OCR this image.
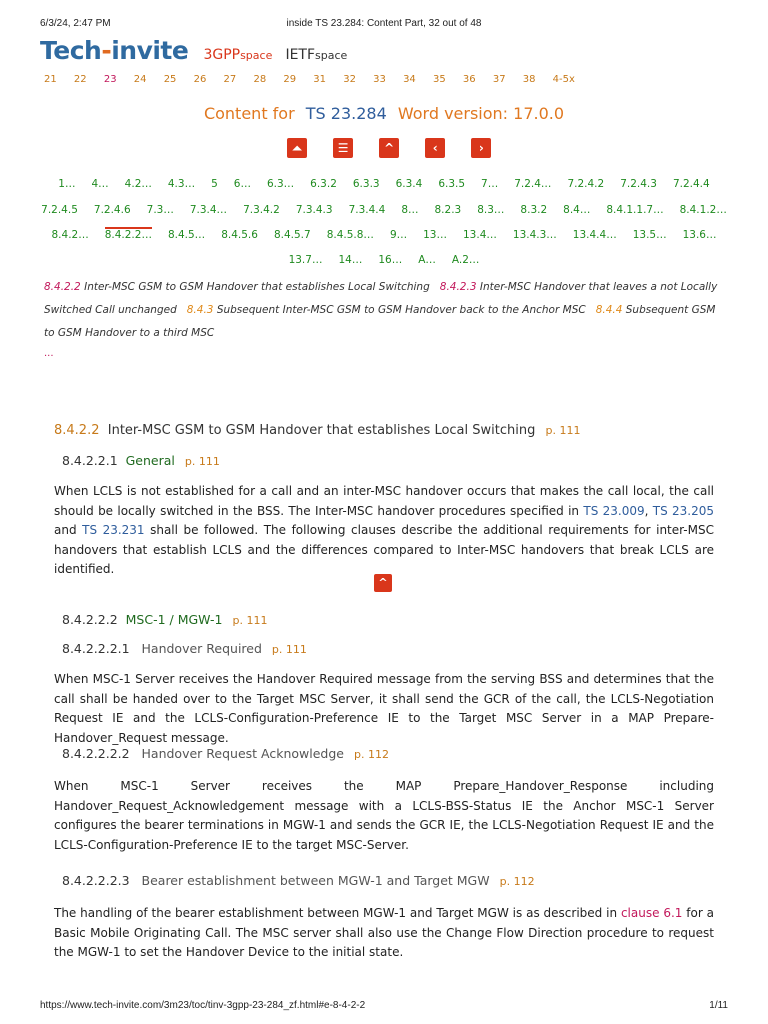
6/3/24, 2:47 PM	inside TS 23.284: Content Part, 32 out of 48
Tech-invite 3GPPspace IETFspace
21 22 23 24 25 26 27 28 29 31 32 33 34 35 36 37 38 4-5x
Content for TS 23.284 Word version: 17.0.0
⏶	☰	^	‹	›
1… 4… 4.2… 4.3… 5 6… 6.3… 6.3.2 6.3.3 6.3.4 6.3.5 7… 7.2.4… 7.2.4.2 7.2.4.3 7.2.4.4
7.2.4.5 7.2.4.6 7.3… 7.3.4… 7.3.4.2 7.3.4.3 7.3.4.4 8… 8.2.3 8.3… 8.3.2 8.4… 8.4.1.1.7… 8.4.1.2…
8.4.2… 8.4.2.2… 8.4.5… 8.4.5.6 8.4.5.7 8.4.5.8… 9… 13… 13.4… 13.4.3… 13.4.4… 13.5… 13.6…
13.7… 14… 16… A… A.2…
8.4.2.2 Inter-MSC GSM to GSM Handover that establishes Local Switching 8.4.2.3 Inter-MSC Handover that leaves a not Locally Switched Call unchanged 8.4.3 Subsequent Inter-MSC GSM to GSM Handover back to the Anchor MSC 8.4.4 Subsequent GSM to GSM Handover to a third MSC
...
8.4.2.2 Inter-MSC GSM to GSM Handover that establishes Local Switching p. 111
8.4.2.2.1 General p. 111
When LCLS is not established for a call and an inter-MSC handover occurs that makes the call local, the call should be locally switched in the BSS. The Inter-MSC handover procedures specified in TS 23.009, TS 23.205 and TS 23.231 shall be followed. The following clauses describe the additional requirements for inter-MSC handovers that establish LCLS and the differences compared to Inter-MSC handovers that break LCLS are identified.
^
8.4.2.2.2 MSC-1 / MGW-1 p. 111
8.4.2.2.2.1 Handover Required p. 111
When MSC-1 Server receives the Handover Required message from the serving BSS and determines that the call shall be handed over to the Target MSC Server, it shall send the GCR of the call, the LCLS-Negotiation Request IE and the LCLS-Configuration-Preference IE to the Target MSC Server in a MAP Prepare-Handover_Request message.
8.4.2.2.2.2 Handover Request Acknowledge p. 112
When MSC-1 Server receives the MAP Prepare_Handover_Response including Handover_Request_Acknowledgement message with a LCLS-BSS-Status IE the Anchor MSC-1 Server configures the bearer terminations in MGW-1 and sends the GCR IE, the LCLS-Negotiation Request IE and the LCLS-Configuration-Preference IE to the target MSC-Server.
8.4.2.2.2.3 Bearer establishment between MGW-1 and Target MGW p. 112
The handling of the bearer establishment between MGW-1 and Target MGW is as described in clause 6.1 for a Basic Mobile Originating Call. The MSC server shall also use the Change Flow Direction procedure to request the MGW-1 to set the Handover Device to the initial state.
https://www.tech-invite.com/3m23/toc/tinv-3gpp-23-284_zf.html#e-8-4-2-2	1/11
